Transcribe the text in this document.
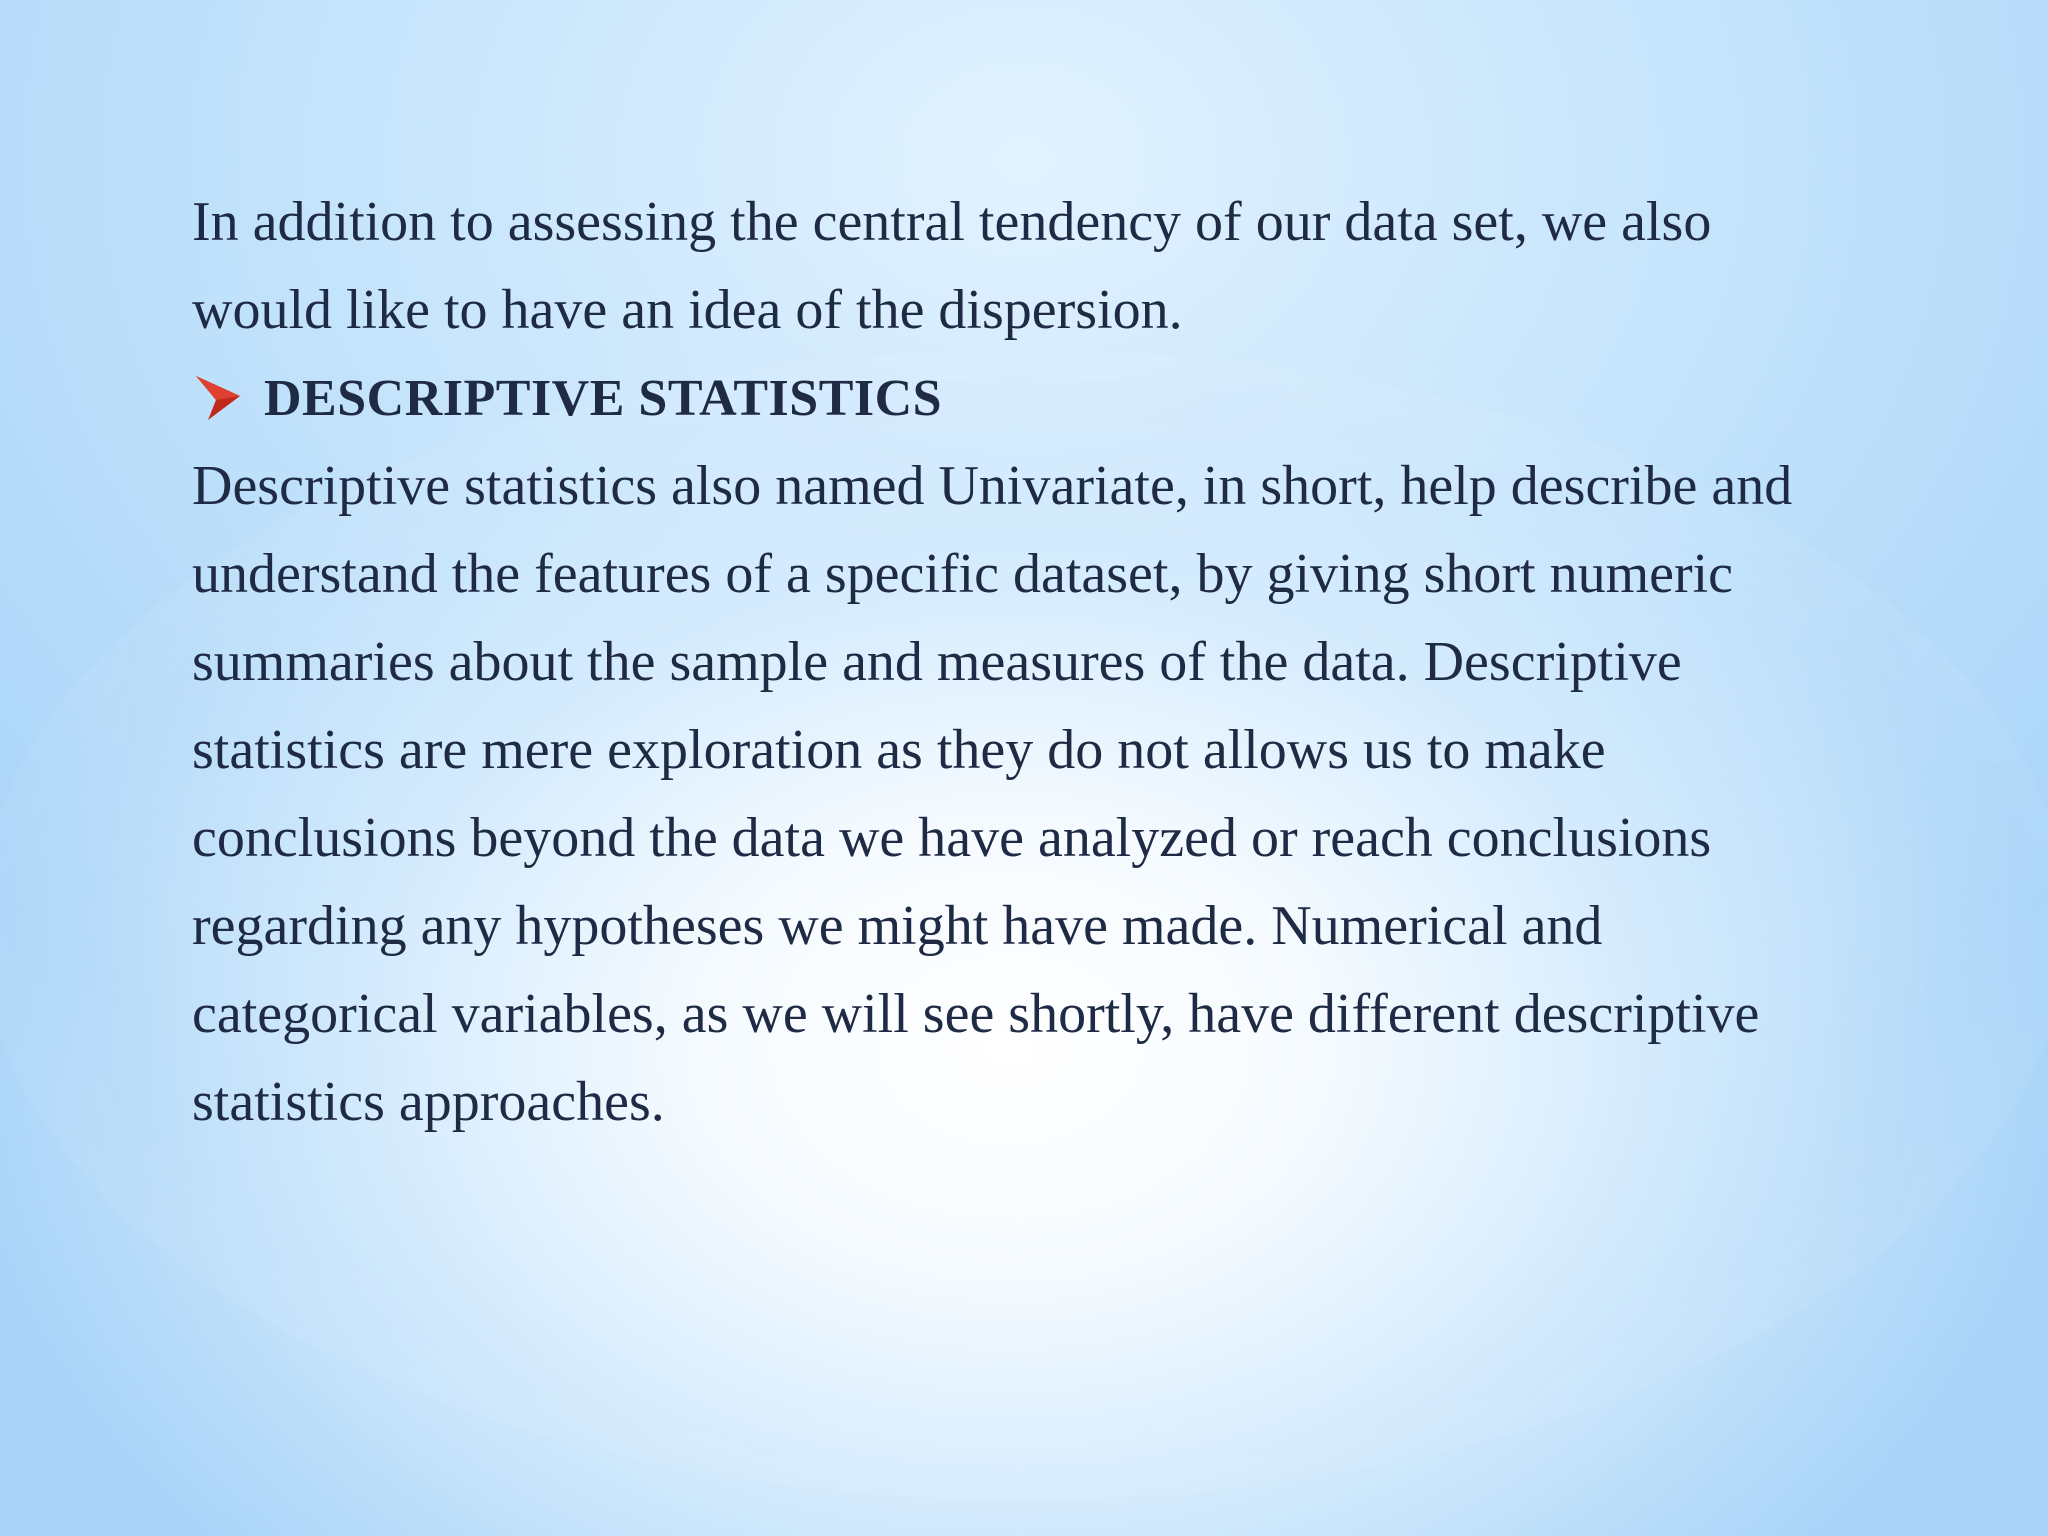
In addition to assessing the central tendency of our data set, we also would like to have an idea of the dispersion.

DESCRIPTIVE STATISTICS

Descriptive statistics also named Univariate, in short, help describe and understand the features of a specific dataset, by giving short numeric summaries about the sample and measures of the data. Descriptive statistics are mere exploration as they do not allows us to make conclusions beyond the data we have analyzed or reach conclusions regarding any hypotheses we might have made. Numerical and categorical variables, as we will see shortly, have different descriptive statistics approaches.
